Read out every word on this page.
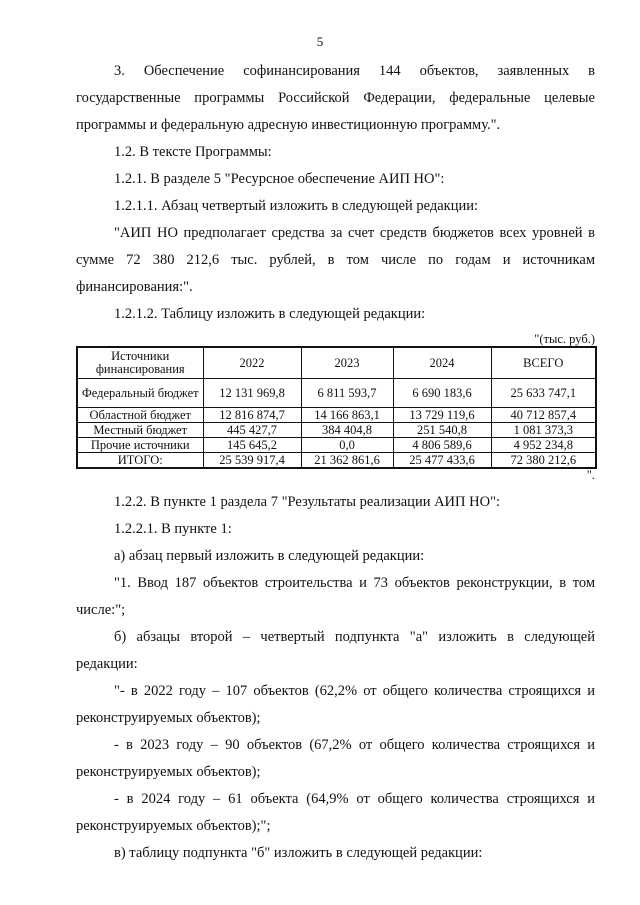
5

3. Обеспечение софинансирования 144 объектов, заявленных в

государственные программы Российской Федерации, федеральные целевые программы и федеральную адресную инвестиционную программу.".

1.2. В тексте Программы:

1.2.1. В разделе 5 "Ресурсное обеспечение АИП НО":

1.2.1.1. Абзац четвертый изложить в следующей редакции:

"АИП НО предполагает средства за счет средств бюджетов всех уровней в сумме 72 380 212,6 тыс. рублей, в том числе по годам и источникам финансирования:".

1.2.1.2. Таблицу изложить в следующей редакции:

"(тыс. руб.)
Источники финансирования	2022	2023	2024	ВСЕГО
Федеральный бюджет	12 131 969,8	6 811 593,7	6 690 183,6	25 633 747,1
Областной бюджет	12 816 874,7	14 166 863,1	13 729 119,6	40 712 857,4
Местный бюджет	445 427,7	384 404,8	251 540,8	1 081 373,3
Прочие источники	145 645,2	0,0	4 806 589,6	4 952 234,8
ИТОГО:	25 539 917,4	21 362 861,6	25 477 433,6	72 380 212,6
".

1.2.2. В пункте 1 раздела 7 "Результаты реализации АИП НО":

1.2.2.1. В пункте 1:

а) абзац первый изложить в следующей редакции:

"1. Ввод 187 объектов строительства и 73 объектов реконструкции, в том числе:";

б) абзацы второй – четвертый подпункта "а" изложить в следующей редакции:

"- в 2022 году – 107 объектов (62,2% от общего количества строящихся и реконструируемых объектов);

- в 2023 году – 90 объектов (67,2% от общего количества строящихся и реконструируемых объектов);

- в 2024 году – 61 объекта (64,9% от общего количества строящихся и реконструируемых объектов);";

в) таблицу подпункта "б" изложить в следующей редакции:
